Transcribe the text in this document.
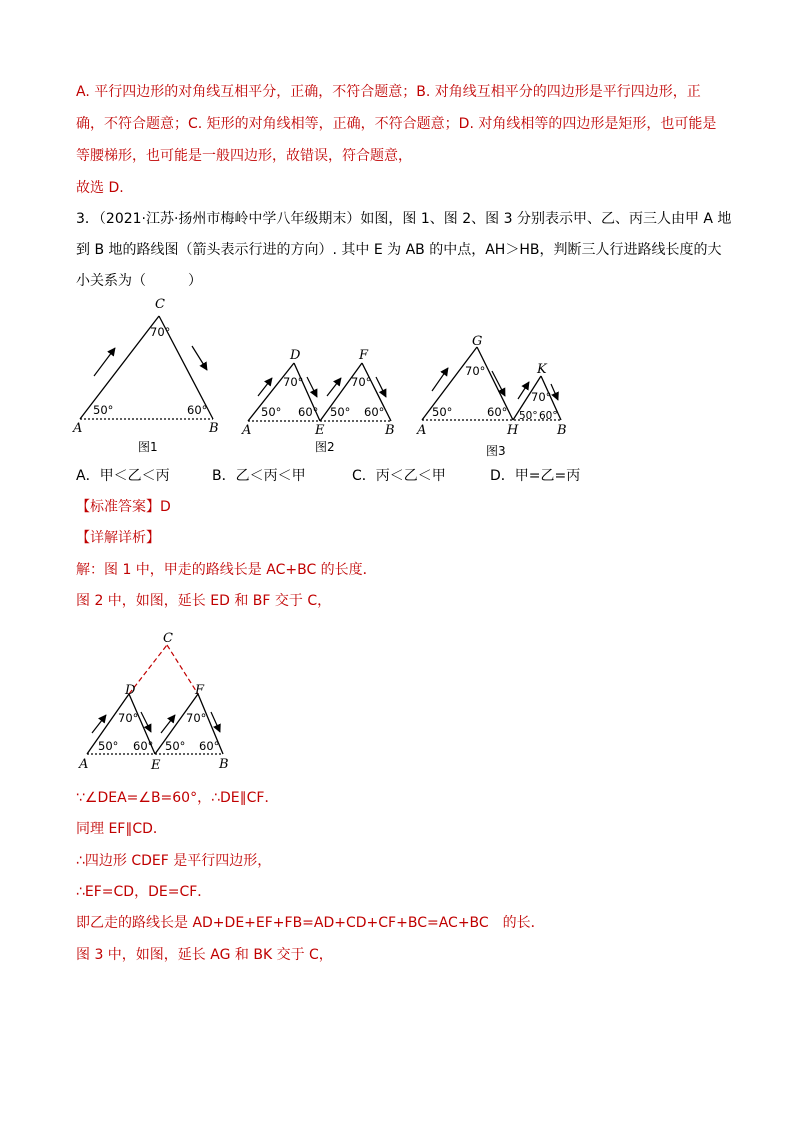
A. 平行四边形的对角线互相平分，正确，不符合题意；B. 对角线互相平分的四边形是平行四边形，正
确，不符合题意；C. 矩形的对角线相等，正确，不符合题意；D. 对角线相等的四边形是矩形，也可能是
等腰梯形，也可能是一般四边形，故错误，符合题意，
故选 D.
3．（2021·江苏·扬州市梅岭中学八年级期末）如图，图 1、图 2、图 3 分别表示甲、乙、丙三人由甲 A 地
到 B 地的路线图（箭头表示行进的方向）. 其中 E 为 AB 的中点，AH＞HB，判断三人行进路线长度的大
小关系为（　　　）
C
A	B
70°
50°	60°
图1
D	F
A	E	B
70°	70°
50° 60° 50° 60°
图2
G
K
A	H	B
70°
70°
50°	60° 50° 60°
图3
A．甲＜乙＜丙	B．乙＜丙＜甲	C．丙＜乙＜甲	D．甲=乙=丙
【标准答案】D
【详解详析】
解：图 1 中，甲走的路线长是 AC+BC 的长度．
图 2 中，如图，延长 ED 和 BF 交于 C，
C
D	F
A	E	B
70°	70°
50° 60° 50° 60°
∵∠DEA=∠B=60°，∴DE∥CF．
同理 EF∥CD．
∴四边形 CDEF 是平行四边形，
∴EF=CD，DE=CF．
即乙走的路线长是 AD+DE+EF+FB=AD+CD+CF+BC=AC+BC　的长．
图 3 中，如图，延长 AG 和 BK 交于 C，
